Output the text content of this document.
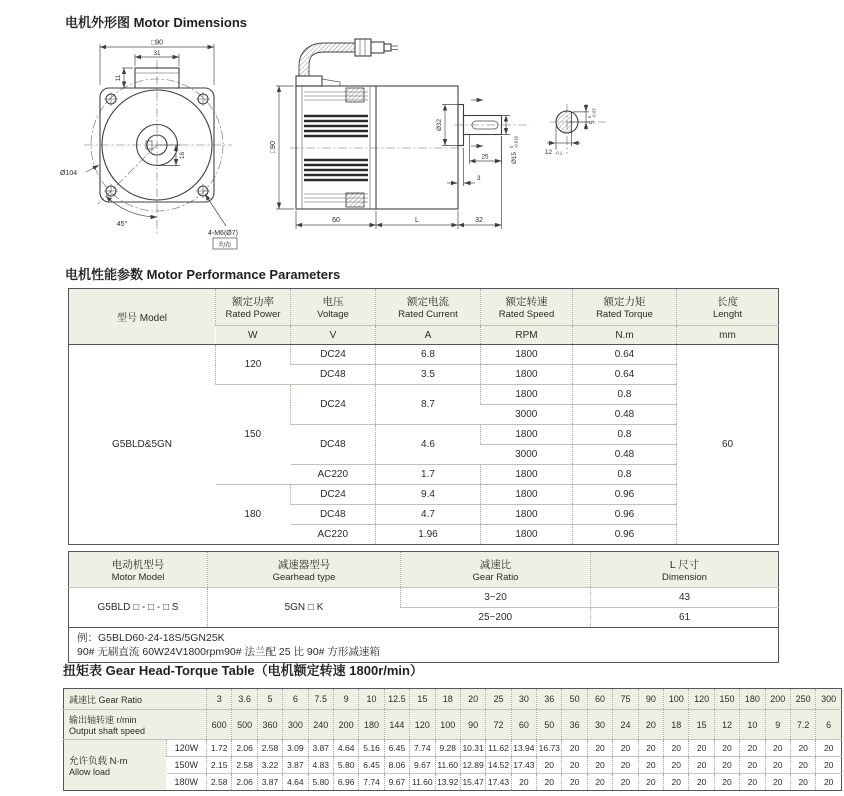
电机外形图 Motor Dimensions
□90
31
11
16
Ø104
45°
4-M6(Ø7)
均布
□90
Ø32
Ø15
0 -0.018
25
3
60	L	32
12
0
-0.1
5
0 -0.03
电机性能参数 Motor Performance Parameters
型号 Model	
额定功率
Rated Power

电压
Voltage

额定电流
Rated Current

额定转速
Rated Speed

额定力矩
Rated Torque

长度
Lenght

	W	V	A	RPM	N.m	mm
G5BLD&5GN	120	DC24	6.8	1800	0.64	60
		DC48	3.5	1800	0.64	
	150	DC24	8.7	1800	0.8	
				3000	0.48	
		DC48	4.6	1800	0.8	
				3000	0.48	
		AC220	1.7	1800	0.8	
	180	DC24	9.4	1800	0.96	
		DC48	4.7	1800	0.96	
		AC220	1.96	1800	0.96	
电动机型号
Motor Model

减速器型号
Gearhead type

减速比
Gear Ratio

L 尺寸
Dimension

G5BLD □ - □ - □ S	5GN □ K	3~20	43
		25~200	61

例：G5BLD60-24-18S/5GN25K
90# 无刷直流 60W24V1800rpm90# 法兰配 25 比 90# 方形减速箱			
扭矩表 Gear Head-Torque Table（电机额定转速 1800r/min）
减速比 Gear Ratio		3	3.6	5	6	7.5	9	10	12.5	15	18	20	25	30	36	50	60	75	90	100	120	150	180	200	250	300

输出轴转速 r/min
Output shaft speed		600	500	360	300	240	200	180	144	120	100	90	72	60	50	36	30	24	20	18	15	12	10	9	7.2	6

允许负载 N·m
Allow load	120W	1.72	2.06	2.58	3.09	3.87	4.64	5.16	6.45	7.74	9.28	10.31	11.62	13.94	16.73	20	20	20	20	20	20	20	20	20	20	20
	150W	2.15	2.58	3.22	3.87	4.83	5.80	6.45	8.06	9.67	11.60	12.89	14.52	17.43	20	20	20	20	20	20	20	20	20	20	20	20
	180W	2.58	2.06	3.87	4.64	5.80	6.96	7.74	9.67	11.60	13.92	15.47	17.43	20	20	20	20	20	20	20	20	20	20	20	20	20
